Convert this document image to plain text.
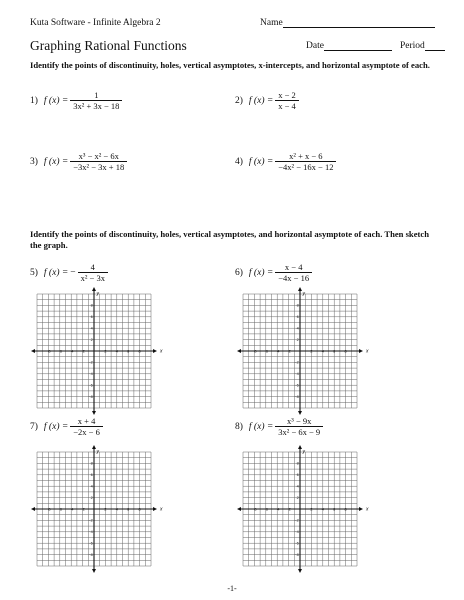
Kuta Software - Infinite Algebra 2	Name
Graphing Rational Functions	Date	Period
Identify the points of discontinuity, holes, vertical asymptotes, x-intercepts, and horizontal asymptote of each.
1) f $(x) = \frac{1}{\text{3x² + 3x − 18}}$	2) f $(x) = \frac{x - 2}{x - 4}$
3) f $(x) = \frac{\text{x³ − x² − 6x}}{\text{−3x² − 3x + 18}}$	4) f $(x) = \frac{\text{x² + x − 6}}{\text{−4x² − 16x − 12}}$
Identify the points of discontinuity, holes, vertical asymptotes, and horizontal asymptote of each. Then sketch the graph.
5) f (x) = − $\frac{4}{\text{x² − 3x}}$	6) f $(x) = \frac{x - 4}{-4x - 16}$
7) f $(x) = \frac{x + 4}{-2x - 6}$	8) f $(x) = \frac{\text{x³ − 9x}}{\text{3x² − 6x − 9}}$
−8 −6 −4 −2	2 4 6 8
8
6
4
2
−2
−4
−6
−8
x
y
−8 −6 −4 −2	2 4 6 8
8
6
4
2
−2
−4
−6
−8
x
y
−8 −6 −4 −2	2 4 6 8
8
6
4
2
−2
−4
−6
−8
x
y
−8 −6 −4 −2	2 4 6 8
8
6
4
2
−2
−4
−6
−8
x
y
-1-
